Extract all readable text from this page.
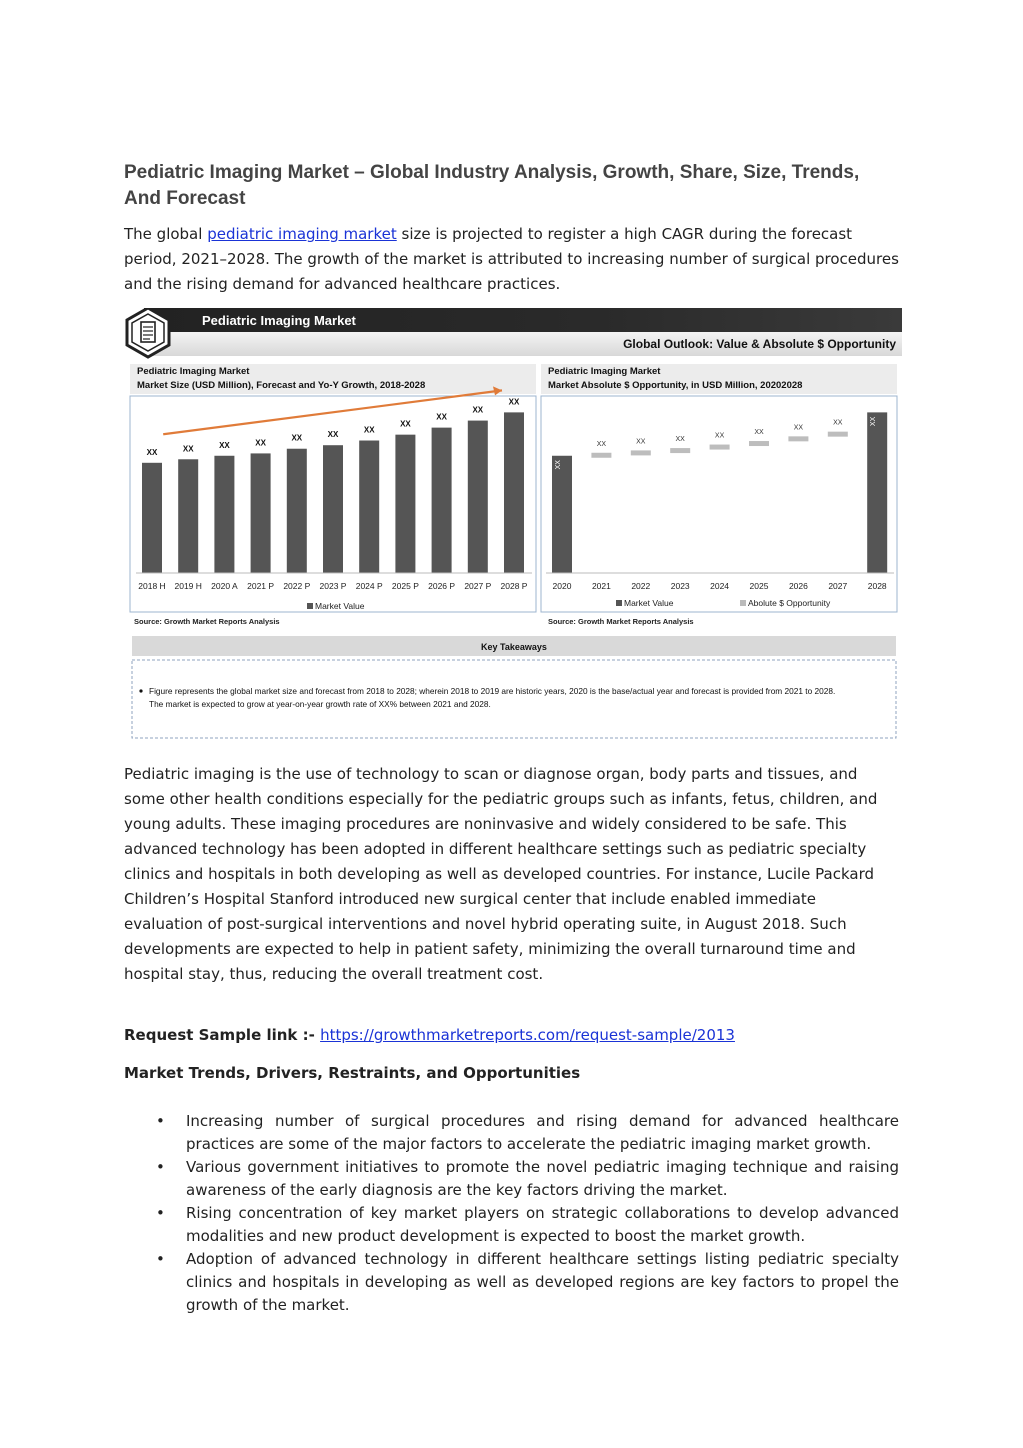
Pediatric Imaging Market – Global Industry Analysis, Growth, Share, Size, Trends, And Forecast

The global pediatric imaging market size is projected to register a high CAGR during the forecast period, 2021–2028. The growth of the market is attributed to increasing number of surgical procedures and the rising demand for advanced healthcare practices.

Pediatric Imaging Market
Global Outlook: Value & Absolute $ Opportunity
Pediatric Imaging Market
Market Size (USD Million), Forecast and Yo-Y Growth, 2018-2028
Pediatric Imaging Market
Market Absolute $ Opportunity, in USD Million, 20202028
XX
2018 H
XX
2019 H
XX
2020 A
XX
2021 P
XX
2022 P
XX
2023 P
XX
2024 P
XX
2025 P
XX
2026 P
XX
2027 P
XX
2028 P
XX
2020
XX
2021
XX
2022
XX
2023
XX
2024
XX
2025
XX
2026
XX
2027
XX
2028
Market Value	Market Value	Abolute $ Opportunity
Source: Growth Market Reports Analysis	Source: Growth Market Reports Analysis
Key Takeaways
Figure represents the global market size and forecast from 2018 to 2028; wherein 2018 to 2019 are historic years, 2020 is the base/actual year and forecast is provided from 2021 to 2028.
The market is expected to grow at year-on-year growth rate of XX% between 2021 and 2028.

Pediatric imaging is the use of technology to scan or diagnose organ, body parts and tissues, and some other health conditions especially for the pediatric groups such as infants, fetus, children, and young adults. These imaging procedures are noninvasive and widely considered to be safe. This advanced technology has been adopted in different healthcare settings such as pediatric specialty clinics and hospitals in both developing as well as developed countries. For instance, Lucile Packard Children’s Hospital Stanford introduced new surgical center that include enabled immediate evaluation of post-surgical interventions and novel hybrid operating suite, in August 2018. Such developments are expected to help in patient safety, minimizing the overall turnaround time and hospital stay, thus, reducing the overall treatment cost.

Request Sample link :- https://growthmarketreports.com/request-sample/2013
Market Trends, Drivers, Restraints, and Opportunities
• Increasing number of surgical procedures and rising demand for advanced healthcare practices are some of the major factors to accelerate the pediatric imaging market growth.
• Various government initiatives to promote the novel pediatric imaging technique and raising awareness of the early diagnosis are the key factors driving the market.
• Rising concentration of key market players on strategic collaborations to develop advanced modalities and new product development is expected to boost the market growth.
• Adoption of advanced technology in different healthcare settings listing pediatric specialty clinics and hospitals in developing as well as developed regions are key factors to propel the growth of the market.
